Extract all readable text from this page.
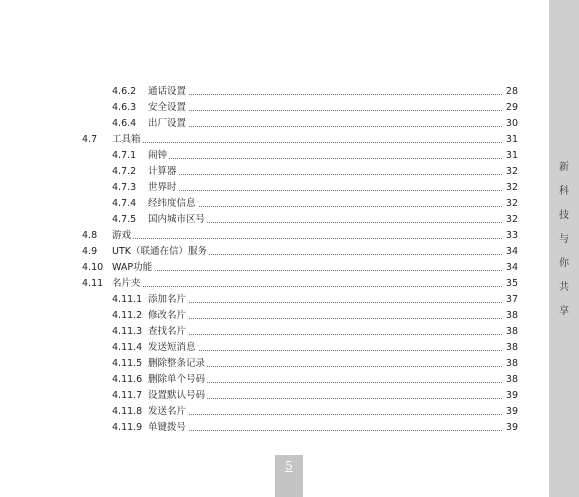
4.6.2 通话设置	28
4.6.3 安全设置	29
4.6.4 出厂设置	30
4.7 工具箱	31
4.7.1 闹钟	31
4.7.2 计算器	32
4.7.3 世界时	32
4.7.4 经纬度信息	32
4.7.5 国内城市区号	32
4.8 游戏	33
4.9 UTK（联通在信）服务	34
4.10 WAP功能	34
4.11 名片夹	35
4.11.1 添加名片	37
4.11.2 修改名片	38
4.11.3 查找名片	38
4.11.4 发送短消息	38
4.11.5 删除整条记录	38
4.11.6 删除单个号码	38
4.11.7 设置默认号码	39
4.11.8 发送名片	39
4.11.9 单键拨号	39
新
科
技
与
你
共
享
5
